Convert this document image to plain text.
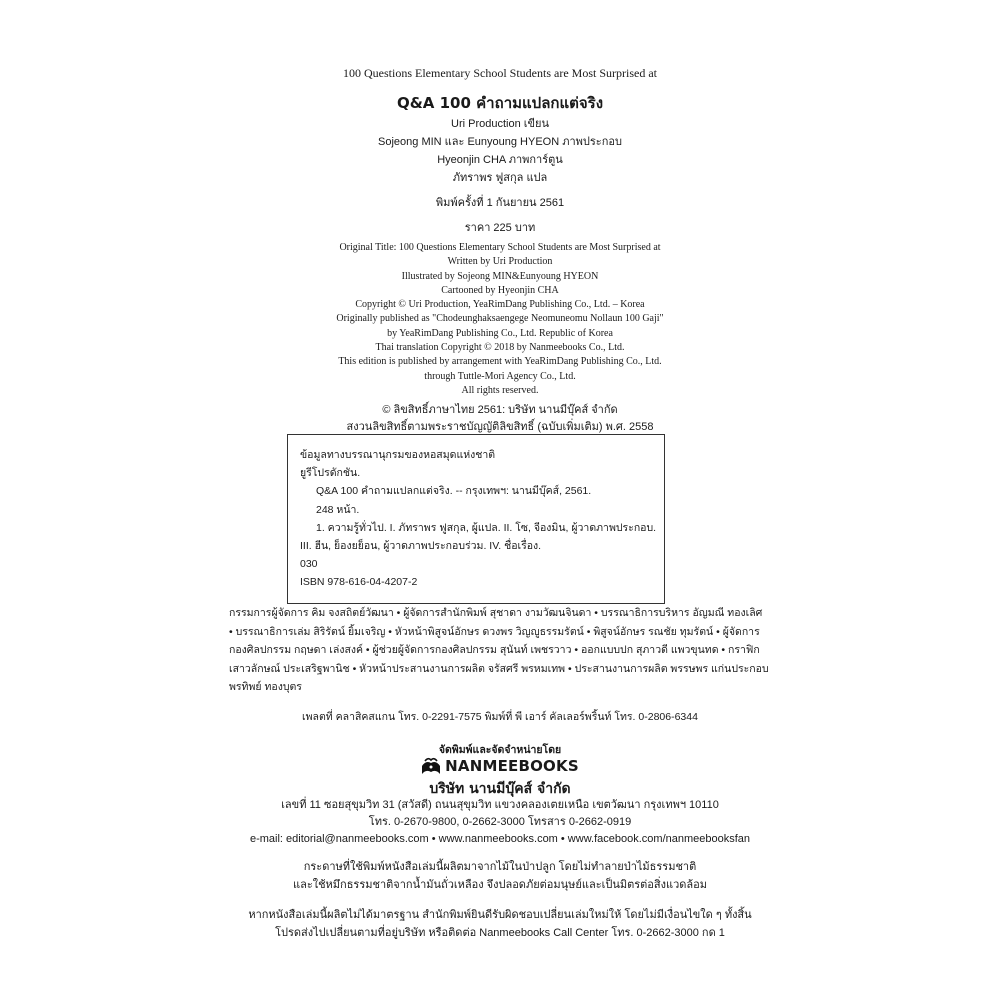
100 Questions Elementary School Students are Most Surprised at
Q&A 100 คำถามแปลกแต่จริง
Uri Production เขียน
Sojeong MIN และ Eunyoung HYEON ภาพประกอบ
Hyeonjin CHA ภาพการ์ตูน
ภัทราพร ฟูสกุล แปล
พิมพ์ครั้งที่ 1 กันยายน 2561
ราคา 225 บาท
Original Title: 100 Questions Elementary School Students are Most Surprised at
Written by Uri Production
Illustrated by Sojeong MIN&Eunyoung HYEON
Cartooned by Hyeonjin CHA
Copyright © Uri Production, YeaRimDang Publishing Co., Ltd. – Korea
Originally published as "Chodeunghaksaengege Neomuneomu Nollaun 100 Gaji"
by YeaRimDang Publishing Co., Ltd. Republic of Korea
Thai translation Copyright © 2018 by Nanmeebooks Co., Ltd.
This edition is published by arrangement with YeaRimDang Publishing Co., Ltd.
through Tuttle-Mori Agency Co., Ltd.
All rights reserved.
© ลิขสิทธิ์ภาษาไทย 2561: บริษัท นานมีบุ๊คส์ จำกัด
สงวนลิขสิทธิ์ตามพระราชบัญญัติลิขสิทธิ์ (ฉบับเพิ่มเติม) พ.ศ. 2558
ข้อมูลทางบรรณานุกรมของหอสมุดแห่งชาติ
ยูรีโปรดักชัน.
Q&A 100 คำถามแปลกแต่จริง. -- กรุงเทพฯ: นานมีบุ๊คส์, 2561.
248 หน้า.
1. ความรู้ทั่วไป. I. ภัทราพร ฟูสกุล, ผู้แปล. II. โซ, จีองมิน, ผู้วาดภาพประกอบ.
III. ฮีน, ย็องยย็อน, ผู้วาดภาพประกอบร่วม. IV. ชื่อเรื่อง.
030
ISBN 978-616-04-4207-2
กรรมการผู้จัดการ คิม จงสถิตย์วัฒนา • ผู้จัดการสำนักพิมพ์ สุชาดา งามวัฒนจินดา • บรรณาธิการบริหาร อัญมณี ทองเลิศ
• บรรณาธิการเล่ม สิริรัตน์ ยิ้มเจริญ • หัวหน้าพิสูจน์อักษร ดวงพร วิญญูธรรมรัตน์ • พิสูจน์อักษร รณชัย ทุมรัตน์ • ผู้จัดการ
กองศิลปกรรม กฤษดา เล่งสงค์ • ผู้ช่วยผู้จัดการกองศิลปกรรม สุนันท์ เพชรวาว • ออกแบบปก สุภาวดี แพวขุนทด • กราฟิก
เสาวลักษณ์ ประเสริฐพานิช • หัวหน้าประสานงานการผลิต จรัสศรี พรหมเทพ • ประสานงานการผลิต พรรษพร แก่นประกอบ
พรทิพย์ ทองบุตร
เพลตที่ คลาสิคสแกน โทร. 0-2291-7575 พิมพ์ที่ พี เอาร์ คัลเลอร์พริ้นท์ โทร. 0-2806-6344
จัดพิมพ์และจัดจำหน่ายโดย
NANMEEBOOKS
บริษัท นานมีบุ๊คส์ จำกัด
เลขที่ 11 ซอยสุขุมวิท 31 (สวัสดี) ถนนสุขุมวิท แขวงคลองเตยเหนือ เขตวัฒนา กรุงเทพฯ 10110
โทร. 0-2670-9800, 0-2662-3000 โทรสาร 0-2662-0919
e-mail: editorial@nanmeebooks.com • www.nanmeebooks.com • www.facebook.com/nanmeebooksfan
กระดาษที่ใช้พิมพ์หนังสือเล่มนี้ผลิตมาจากไม้ในป่าปลูก โดยไม่ทำลายป่าไม้ธรรมชาติ
และใช้หมึกธรรมชาติจากน้ำมันถั่วเหลือง จึงปลอดภัยต่อมนุษย์และเป็นมิตรต่อสิ่งแวดล้อม
หากหนังสือเล่มนี้ผลิตไม่ได้มาตรฐาน สำนักพิมพ์ยินดีรับผิดชอบเปลี่ยนเล่มใหม่ให้ โดยไม่มีเงื่อนไขใด ๆ ทั้งสิ้น
โปรดส่งไปเปลี่ยนตามที่อยู่บริษัท หรือติดต่อ Nanmeebooks Call Center โทร. 0-2662-3000 กด 1
